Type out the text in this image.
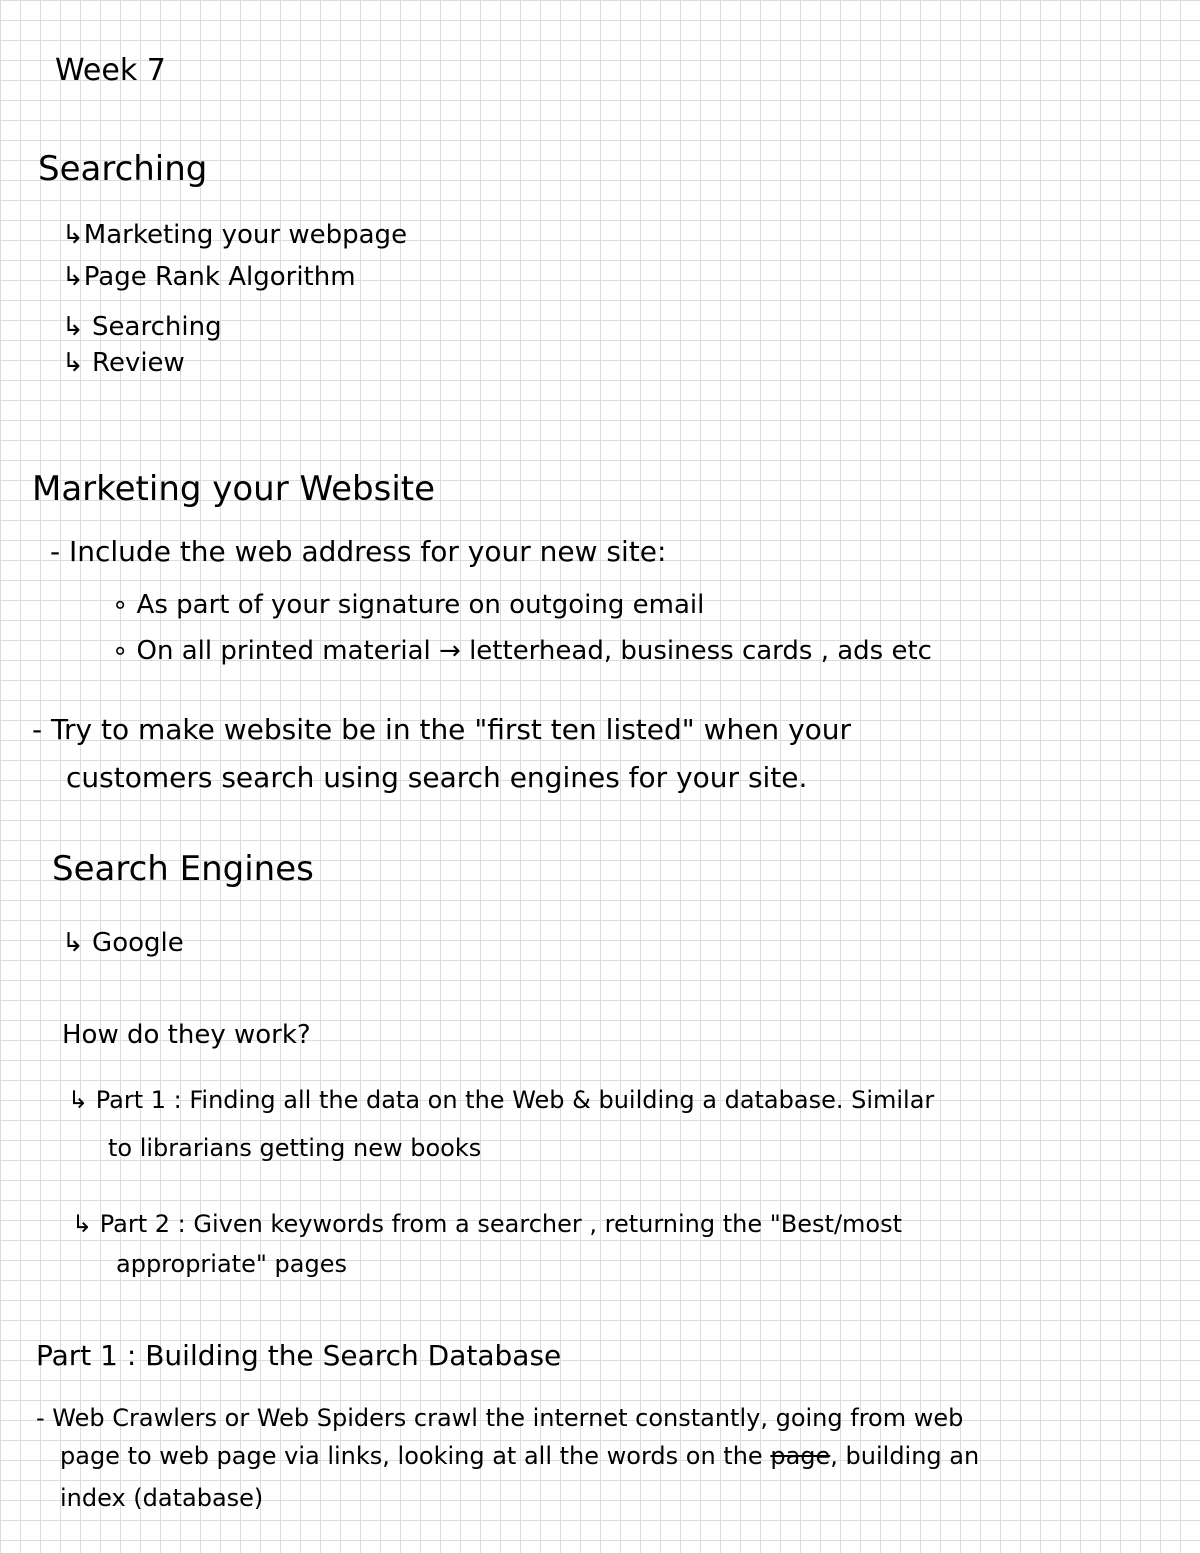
Week 7
Searching
↳Marketing your webpage
↳Page Rank Algorithm
↳ Searching
↳ Review
Marketing your Website
- Include the web address for your new site:
∘ As part of your signature on outgoing email
∘ On all printed material → letterhead, business cards , ads etc
- Try to make website be in the "first ten listed" when your
customers search using search engines for your site.
Search Engines
↳ Google
How do they work?
↳ Part 1 : Finding all the data on the Web & building a database. Similar
to librarians getting new books
↳ Part 2 : Given keywords from a searcher , returning the "Best/most
appropriate" pages
Part 1 : Building the Search Database
- Web Crawlers or Web Spiders crawl the internet constantly, going from web
page to web page via links, looking at all the words on the page, building an
index (database)
